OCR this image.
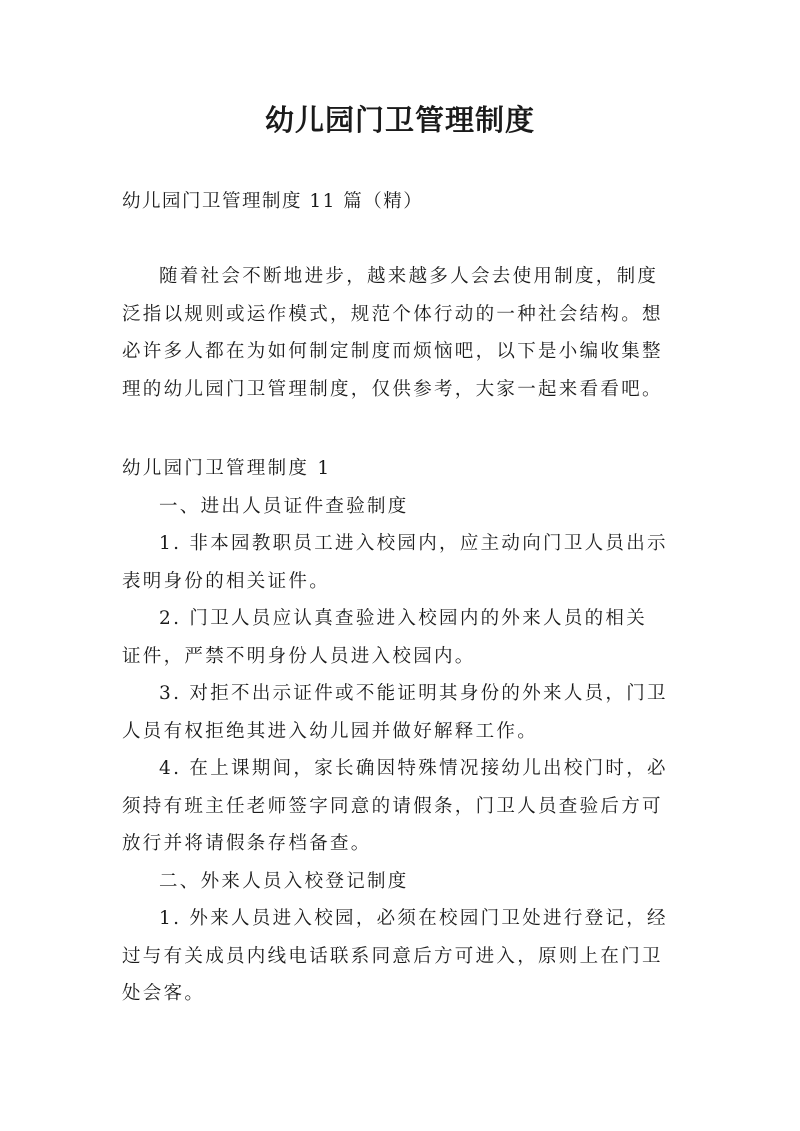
幼儿园门卫管理制度
幼儿园门卫管理制度 11 篇（精）
随着社会不断地进步，越来越多人会去使用制度，制度
泛指以规则或运作模式，规范个体行动的一种社会结构。想
必许多人都在为如何制定制度而烦恼吧，以下是小编收集整
理的幼儿园门卫管理制度，仅供参考，大家一起来看看吧。
幼儿园门卫管理制度 1
一、进出人员证件查验制度
1. 非本园教职员工进入校园内，应主动向门卫人员出示
表明身份的相关证件。
2. 门卫人员应认真查验进入校园内的外来人员的相关
证件，严禁不明身份人员进入校园内。
3. 对拒不出示证件或不能证明其身份的外来人员，门卫
人员有权拒绝其进入幼儿园并做好解释工作。
4. 在上课期间，家长确因特殊情况接幼儿出校门时，必
须持有班主任老师签字同意的请假条，门卫人员查验后方可
放行并将请假条存档备查。
二、外来人员入校登记制度
1. 外来人员进入校园，必须在校园门卫处进行登记，经
过与有关成员内线电话联系同意后方可进入，原则上在门卫
处会客。
